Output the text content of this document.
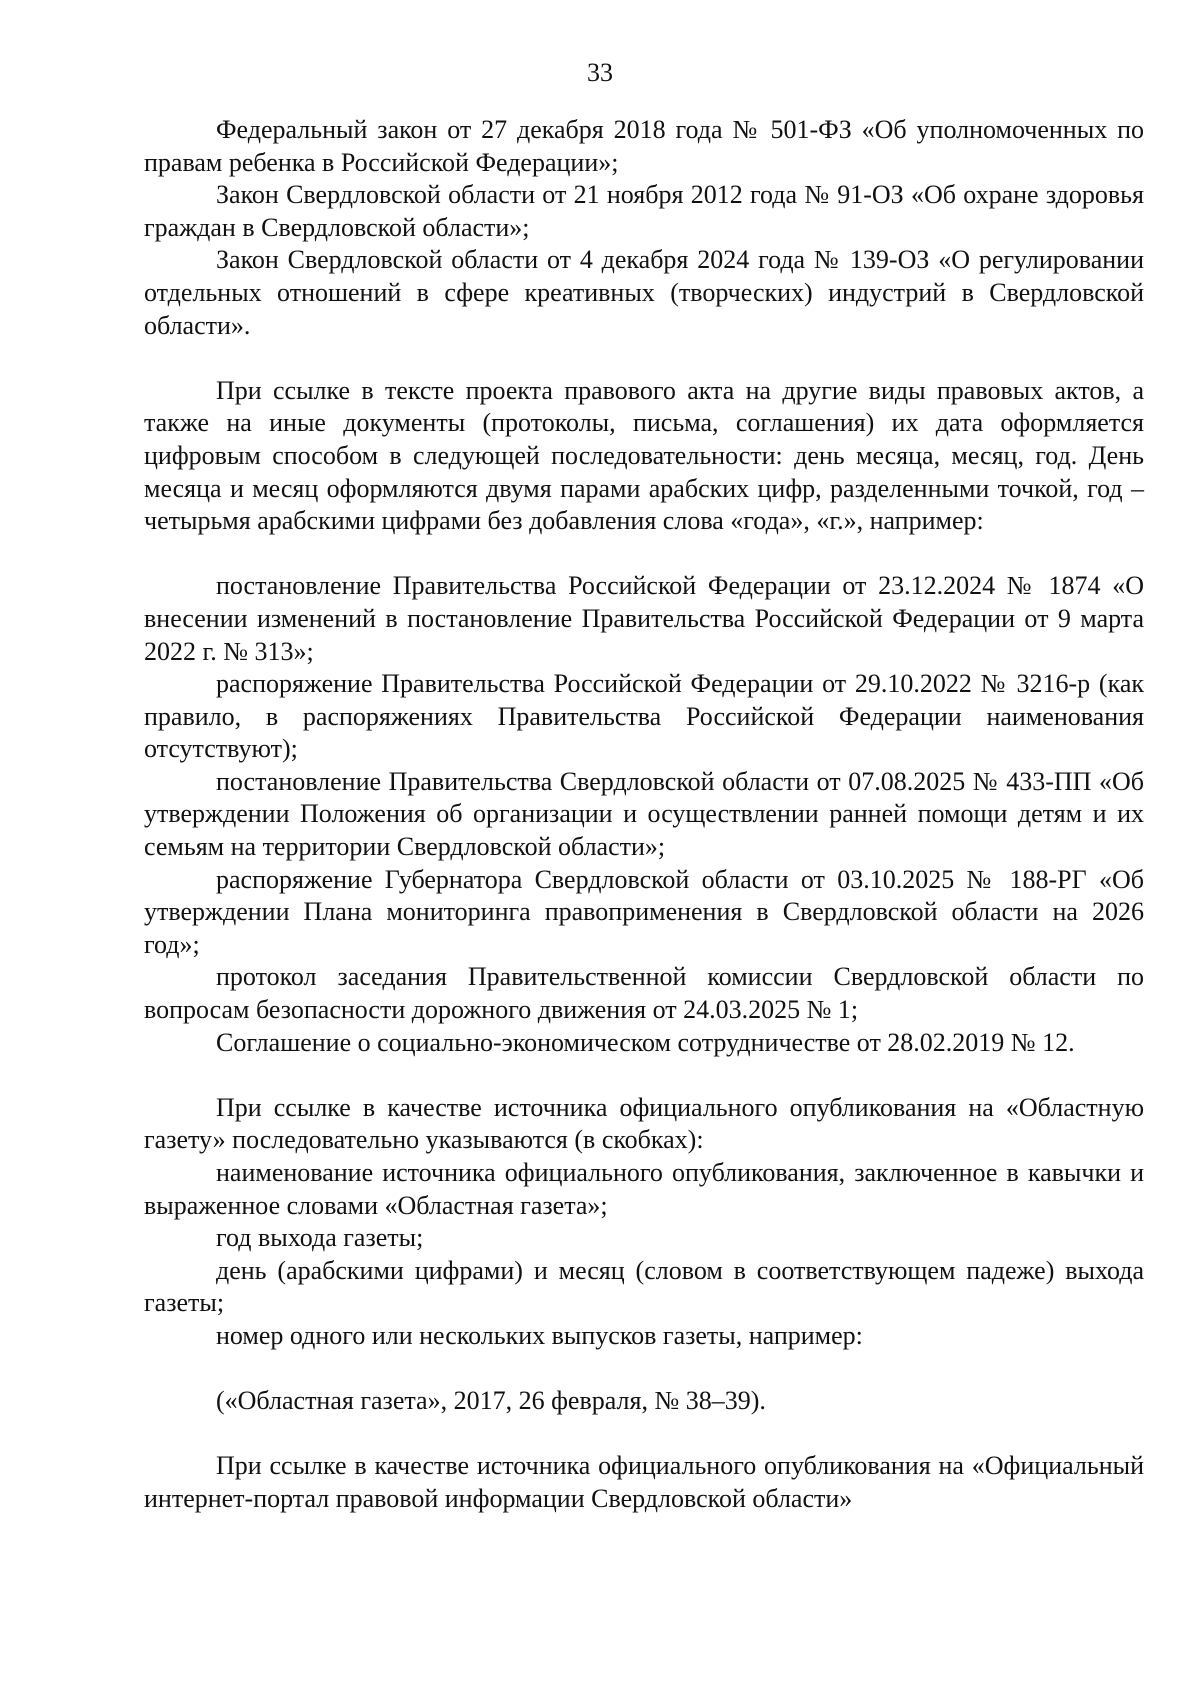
33

Федеральный закон от 27 декабря 2018 года № 501-ФЗ «Об уполномоченных по правам ребенка в Российской Федерации»;

Закон Свердловской области от 21 ноября 2012 года № 91-ОЗ «Об охране здоровья граждан в Свердловской области»;

Закон Свердловской области от 4 декабря 2024 года № 139-ОЗ «О регулировании отдельных отношений в сфере креативных (творческих) индустрий в Свердловской области».

При ссылке в тексте проекта правового акта на другие виды правовых актов, а также на иные документы (протоколы, письма, соглашения) их дата оформляется цифровым способом в следующей последовательности: день месяца, месяц, год. День месяца и месяц оформляются двумя парами арабских цифр, разделенными точкой, год – четырьмя арабскими цифрами без добавления слова «года», «г.», например:

постановление Правительства Российской Федерации от 23.12.2024 № 1874 «О внесении изменений в постановление Правительства Российской Федерации от 9 марта 2022 г. № 313»;

распоряжение Правительства Российской Федерации от 29.10.2022 № 3216-р (как правило, в распоряжениях Правительства Российской Федерации наименования отсутствуют);

постановление Правительства Свердловской области от 07.08.2025 № 433-ПП «Об утверждении Положения об организации и осуществлении ранней помощи детям и их семьям на территории Свердловской области»;

распоряжение Губернатора Свердловской области от 03.10.2025 № 188-РГ «Об утверждении Плана мониторинга правоприменения в Свердловской области на 2026 год»;

протокол заседания Правительственной комиссии Свердловской области по вопросам безопасности дорожного движения от 24.03.2025 № 1;

Соглашение о социально-экономическом сотрудничестве от 28.02.2019 № 12.

При ссылке в качестве источника официального опубликования на «Областную газету» последовательно указываются (в скобках):

наименование источника официального опубликования, заключенное в кавычки и выраженное словами «Областная газета»;

год выхода газеты;

день (арабскими цифрами) и месяц (словом в соответствующем падеже) выхода газеты;

номер одного или нескольких выпусков газеты, например:

(«Областная газета», 2017, 26 февраля, № 38–39).

При ссылке в качестве источника официального опубликования на «Официальный интернет-портал правовой информации Свердловской области»
